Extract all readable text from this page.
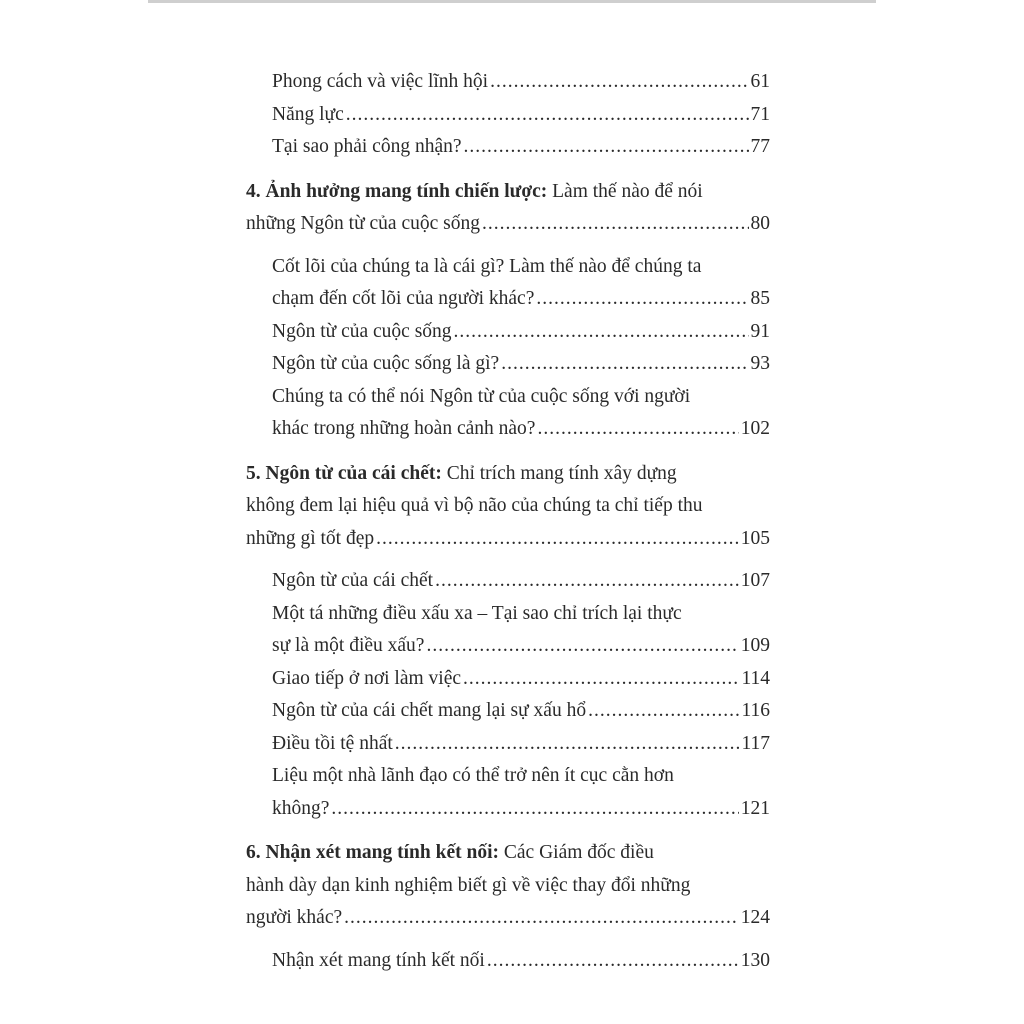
Phong cách và việc lĩnh hội .....	61
Năng lực .....	71
Tại sao phải công nhận? .....	77
4. Ảnh hưởng mang tính chiến lược: Làm thế nào để nói
những Ngôn từ của cuộc sống .....	80
Cốt lõi của chúng ta là cái gì? Làm thế nào để chúng ta
chạm đến cốt lõi của người khác? .....	85
Ngôn từ của cuộc sống .....	91
Ngôn từ của cuộc sống là gì? .....	93
Chúng ta có thể nói Ngôn từ của cuộc sống với người
khác trong những hoàn cảnh nào? .....	102
5. Ngôn từ của cái chết: Chỉ trích mang tính xây dựng
không đem lại hiệu quả vì bộ não của chúng ta chỉ tiếp thu
những gì tốt đẹp .....	105
Ngôn từ của cái chết .....	107
Một tá những điều xấu xa – Tại sao chỉ trích lại thực
sự là một điều xấu? .....	109
Giao tiếp ở nơi làm việc .....	114
Ngôn từ của cái chết mang lại sự xấu hổ .....	116
Điều tồi tệ nhất .....	117
Liệu một nhà lãnh đạo có thể trở nên ít cục cằn hơn
không? .....	121
6. Nhận xét mang tính kết nối: Các Giám đốc điều
hành dày dạn kinh nghiệm biết gì về việc thay đổi những
người khác? .....	124
Nhận xét mang tính kết nối .....	130
